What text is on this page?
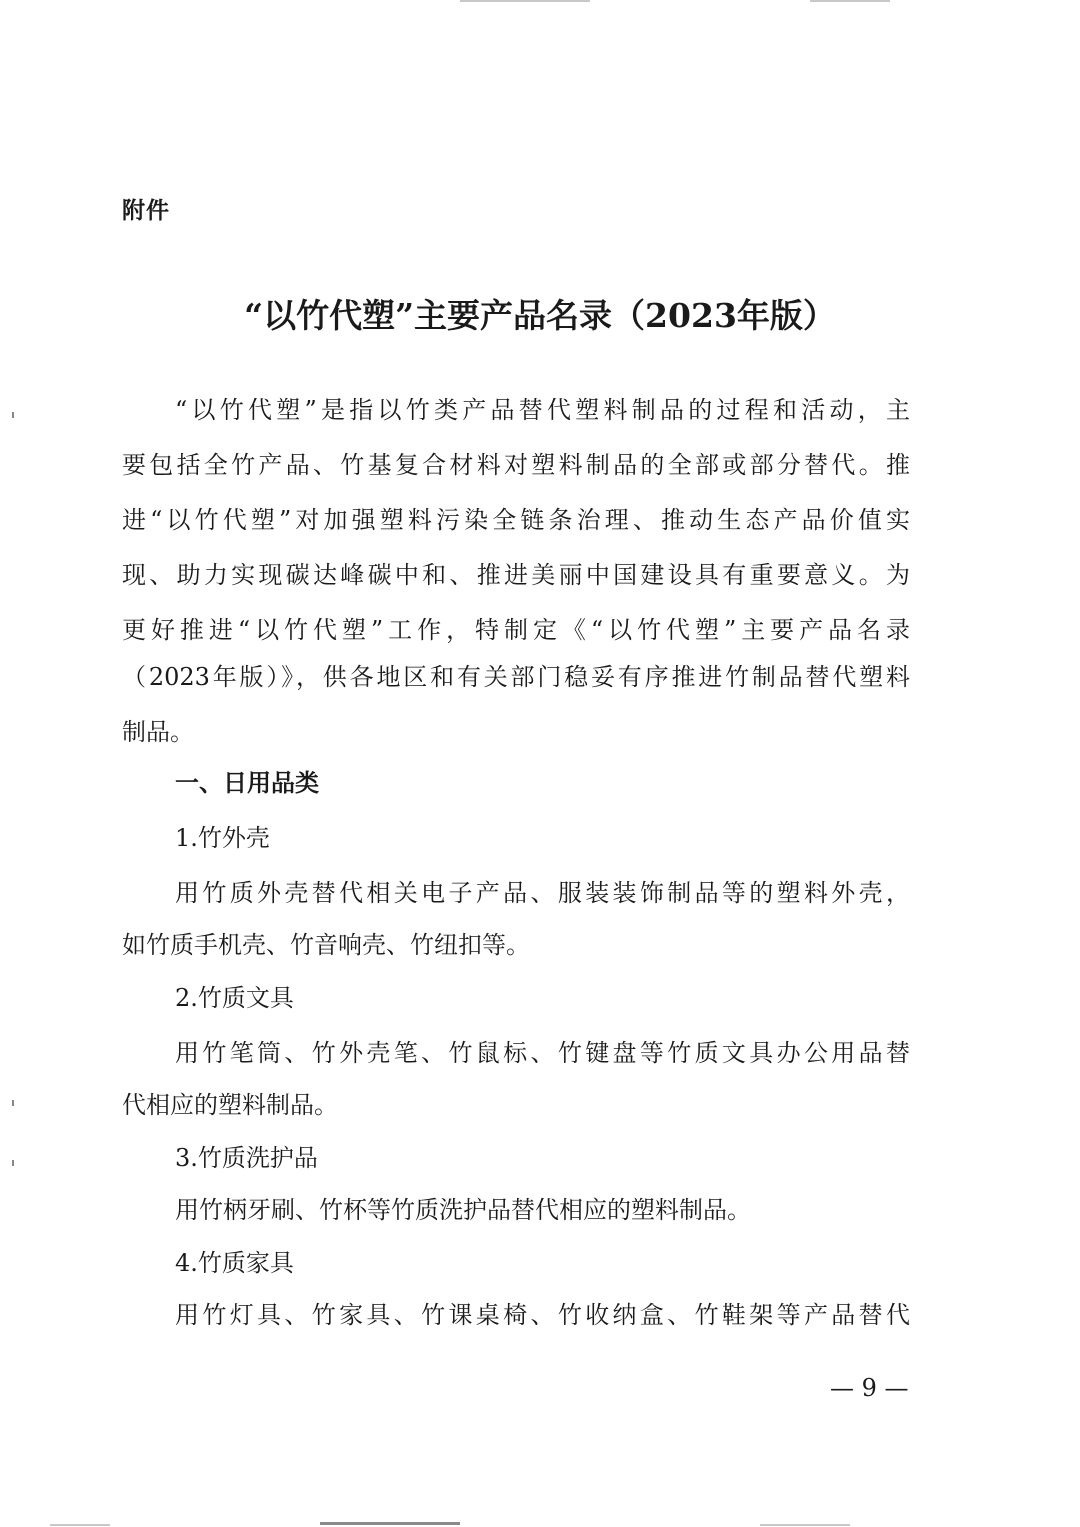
附件
“以竹代塑”主要产品名录（2023年版）
“以竹代塑”是指以竹类产品替代塑料制品的过程和活动，主
要包括全竹产品、竹基复合材料对塑料制品的全部或部分替代。推
进“以竹代塑”对加强塑料污染全链条治理、推动生态产品价值实
现、助力实现碳达峰碳中和、推进美丽中国建设具有重要意义。为
更好推进“以竹代塑”工作，特制定《“以竹代塑”主要产品名录
（2023年版）》，供各地区和有关部门稳妥有序推进竹制品替代塑料
制品。
一、日用品类
1.竹外壳
用竹质外壳替代相关电子产品、服装装饰制品等的塑料外壳，
如竹质手机壳、竹音响壳、竹纽扣等。
2.竹质文具
用竹笔筒、竹外壳笔、竹鼠标、竹键盘等竹质文具办公用品替
代相应的塑料制品。
3.竹质洗护品
用竹柄牙刷、竹杯等竹质洗护品替代相应的塑料制品。
4.竹质家具
用竹灯具、竹家具、竹课桌椅、竹收纳盒、竹鞋架等产品替代
— 9 —
